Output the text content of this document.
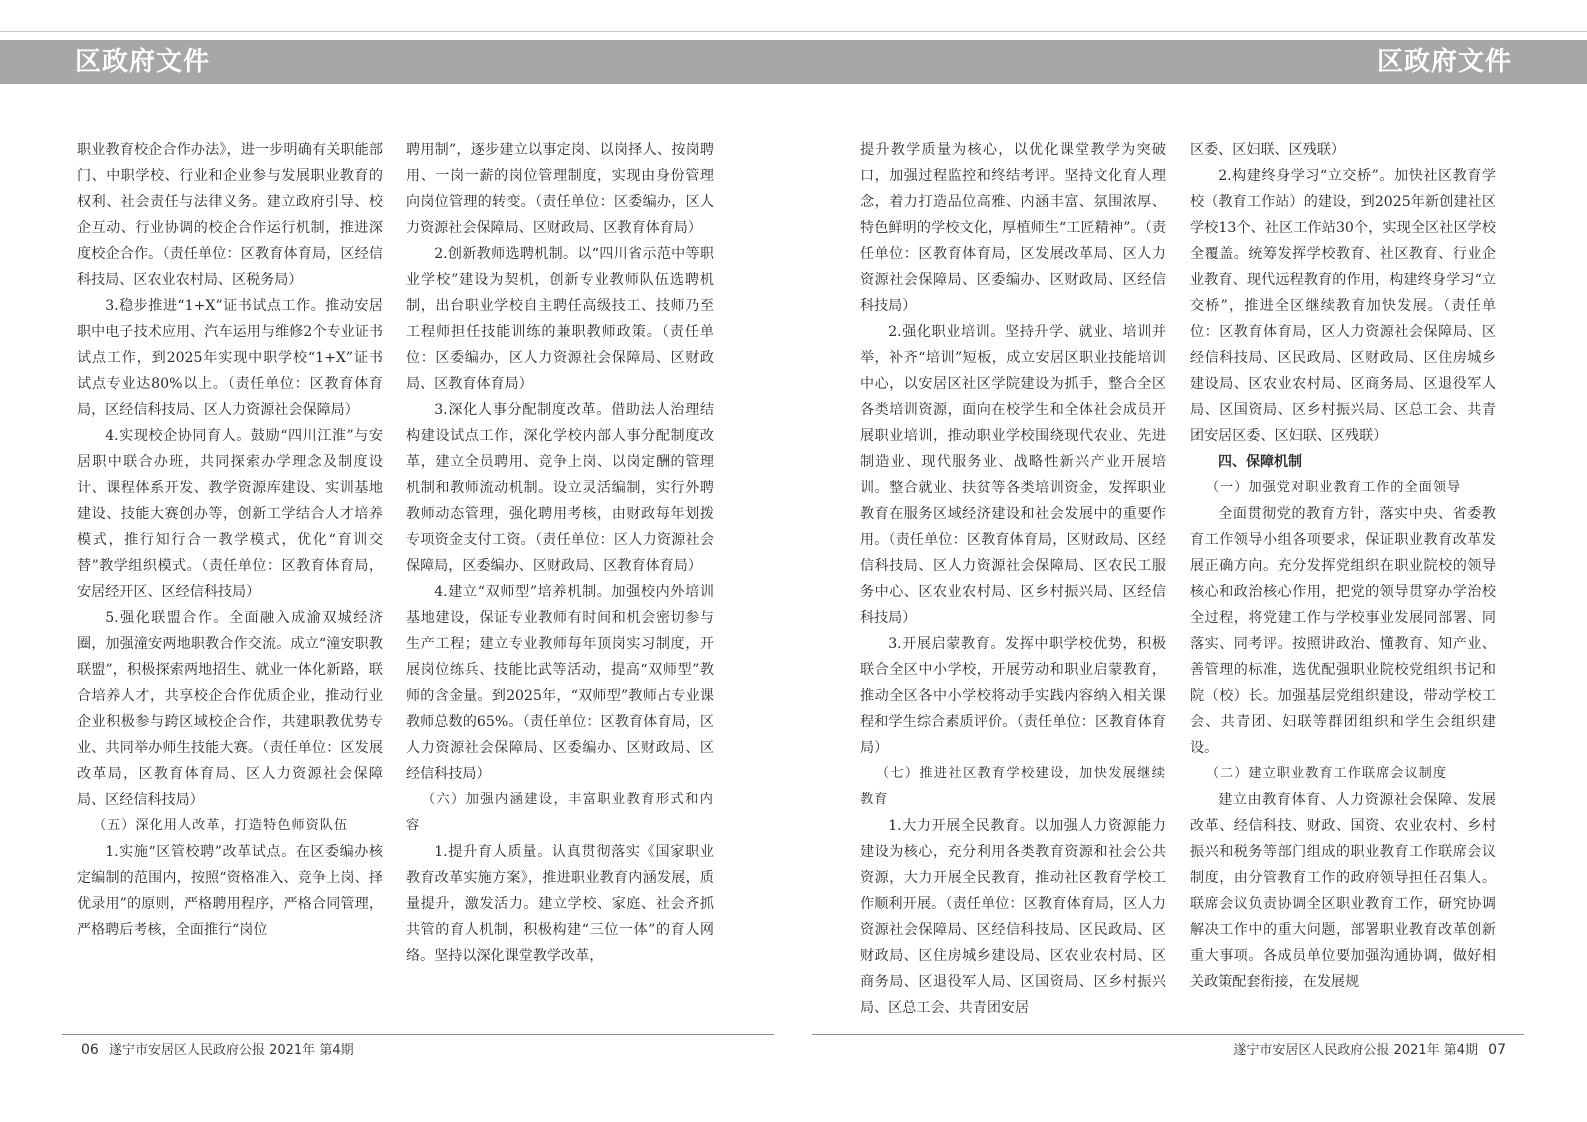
区政府文件	区政府文件

职业教育校企合作办法》，进一步明确有关职能部门、中职学校、行业和企业参与发展职业教育的权利、社会责任与法律义务。建立政府引导、校企互动、行业协调的校企合作运行机制，推进深度校企合作。（责任单位：区教育体育局，区经信科技局、区农业农村局、区税务局）

3.稳步推进“1+X”证书试点工作。推动安居职中电子技术应用、汽车运用与维修2个专业证书试点工作，到2025年实现中职学校“1+X”证书试点专业达80%以上。（责任单位：区教育体育局，区经信科技局、区人力资源社会保障局）

4.实现校企协同育人。鼓励“四川江淮”与安居职中联合办班，共同探索办学理念及制度设计、课程体系开发、教学资源库建设、实训基地建设、技能大赛创办等，创新工学结合人才培养模式，推行知行合一教学模式，优化“育训交替”教学组织模式。（责任单位：区教育体育局，安居经开区、区经信科技局）

5.强化联盟合作。全面融入成渝双城经济圈，加强潼安两地职教合作交流。成立“潼安职教联盟”，积极探索两地招生、就业一体化新路，联合培养人才，共享校企合作优质企业，推动行业企业积极参与跨区域校企合作，共建职教优势专业、共同举办师生技能大赛。（责任单位：区发展改革局，区教育体育局、区人力资源社会保障局、区经信科技局）

（五）深化用人改革，打造特色师资队伍

1.实施“区管校聘”改革试点。在区委编办核定编制的范围内，按照“资格准入、竞争上岗、择优录用”的原则，严格聘用程序，严格合同管理，严格聘后考核，全面推行“岗位

聘用制”，逐步建立以事定岗、以岗择人、按岗聘用、一岗一薪的岗位管理制度，实现由身份管理向岗位管理的转变。（责任单位：区委编办，区人力资源社会保障局、区财政局、区教育体育局）

2.创新教师选聘机制。以“四川省示范中等职业学校”建设为契机，创新专业教师队伍选聘机制，出台职业学校自主聘任高级技工、技师乃至工程师担任技能训练的兼职教师政策。（责任单位：区委编办，区人力资源社会保障局、区财政局、区教育体育局）

3.深化人事分配制度改革。借助法人治理结构建设试点工作，深化学校内部人事分配制度改革，建立全员聘用、竞争上岗、以岗定酬的管理机制和教师流动机制。设立灵活编制，实行外聘教师动态管理，强化聘用考核，由财政每年划拨专项资金支付工资。（责任单位：区人力资源社会保障局，区委编办、区财政局、区教育体育局）

4.建立“双师型”培养机制。加强校内外培训基地建设，保证专业教师有时间和机会密切参与生产工程；建立专业教师每年顶岗实习制度，开展岗位练兵、技能比武等活动，提高“双师型”教师的含金量。到2025年，“双师型”教师占专业课教师总数的65%。（责任单位：区教育体育局，区人力资源社会保障局、区委编办、区财政局、区经信科技局）

（六）加强内涵建设，丰富职业教育形式和内容

1.提升育人质量。认真贯彻落实《国家职业教育改革实施方案》，推进职业教育内涵发展，质量提升，激发活力。建立学校、家庭、社会齐抓共管的育人机制，积极构建“三位一体”的育人网络。坚持以深化课堂教学改革，

提升教学质量为核心，以优化课堂教学为突破口，加强过程监控和终结考评。坚持文化育人理念，着力打造品位高雅、内涵丰富、氛围浓厚、特色鲜明的学校文化，厚植师生“工匠精神”。（责任单位：区教育体育局，区发展改革局、区人力资源社会保障局、区委编办、区财政局、区经信科技局）

2.强化职业培训。坚持升学、就业、培训并举，补齐“培训”短板，成立安居区职业技能培训中心，以安居区社区学院建设为抓手，整合全区各类培训资源，面向在校学生和全体社会成员开展职业培训，推动职业学校围绕现代农业、先进制造业、现代服务业、战略性新兴产业开展培训。整合就业、扶贫等各类培训资金，发挥职业教育在服务区域经济建设和社会发展中的重要作用。（责任单位：区教育体育局，区财政局、区经信科技局、区人力资源社会保障局、区农民工服务中心、区农业农村局、区乡村振兴局、区经信科技局）

3.开展启蒙教育。发挥中职学校优势，积极联合全区中小学校，开展劳动和职业启蒙教育，推动全区各中小学校将动手实践内容纳入相关课程和学生综合素质评价。（责任单位：区教育体育局）

（七）推进社区教育学校建设，加快发展继续教育

1.大力开展全民教育。以加强人力资源能力建设为核心，充分利用各类教育资源和社会公共资源，大力开展全民教育，推动社区教育学校工作顺利开展。（责任单位：区教育体育局，区人力资源社会保障局、区经信科技局、区民政局、区财政局、区住房城乡建设局、区农业农村局、区商务局、区退役军人局、区国资局、区乡村振兴局、区总工会、共青团安居

区委、区妇联、区残联）

2.构建终身学习“立交桥”。加快社区教育学校（教育工作站）的建设，到2025年新创建社区学校13个、社区工作站30个，实现全区社区学校全覆盖。统筹发挥学校教育、社区教育、行业企业教育、现代远程教育的作用，构建终身学习“立交桥”，推进全区继续教育加快发展。（责任单位：区教育体育局，区人力资源社会保障局、区经信科技局、区民政局、区财政局、区住房城乡建设局、区农业农村局、区商务局、区退役军人局、区国资局、区乡村振兴局、区总工会、共青团安居区委、区妇联、区残联）

四、保障机制

（一）加强党对职业教育工作的全面领导

全面贯彻党的教育方针，落实中央、省委教育工作领导小组各项要求，保证职业教育改革发展正确方向。充分发挥党组织在职业院校的领导核心和政治核心作用，把党的领导贯穿办学治校全过程，将党建工作与学校事业发展同部署、同落实、同考评。按照讲政治、懂教育、知产业、善管理的标准，选优配强职业院校党组织书记和院（校）长。加强基层党组织建设，带动学校工会、共青团、妇联等群团组织和学生会组织建设。

（二）建立职业教育工作联席会议制度

建立由教育体育、人力资源社会保障、发展改革、经信科技、财政、国资、农业农村、乡村振兴和税务等部门组成的职业教育工作联席会议制度，由分管教育工作的政府领导担任召集人。联席会议负责协调全区职业教育工作，研究协调解决工作中的重大问题，部署职业教育改革创新重大事项。各成员单位要加强沟通协调，做好相关政策配套衔接，在发展规

06 遂宁市安居区人民政府公报 2021年 第4期	遂宁市安居区人民政府公报 2021年 第4期 07
